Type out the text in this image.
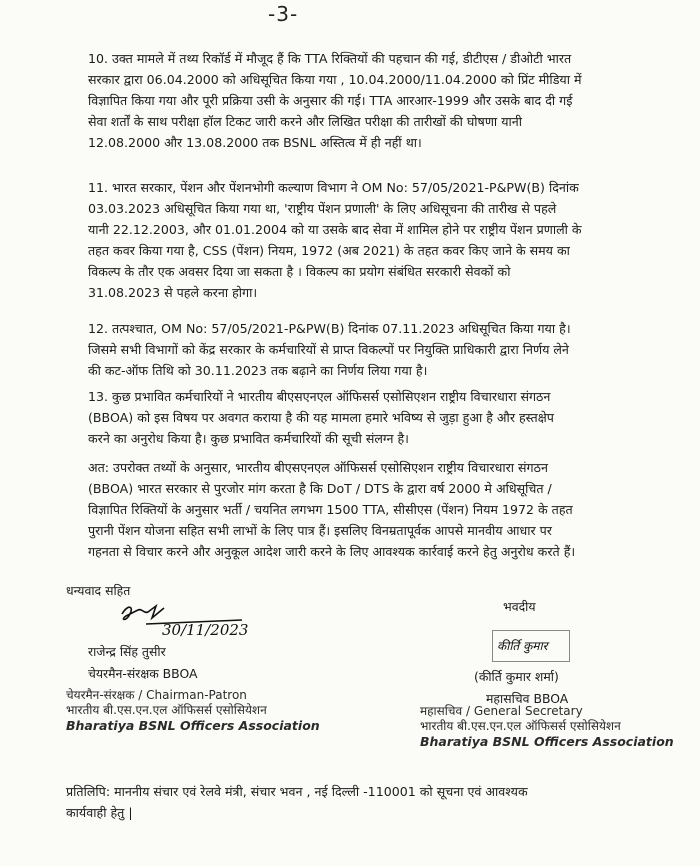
-3-
10. उक्त मामले में तथ्य रिकॉर्ड में मौजूद हैं कि TTA रिक्तियों की पहचान की गई, डीटीएस / डीओटी भारत
सरकार द्वारा 06.04.2000 को अधिसूचित किया गया , 10.04.2000/11.04.2000 को प्रिंट मीडिया में
विज्ञापित किया गया और पूरी प्रक्रिया उसी के अनुसार की गई। TTA आरआर-1999 और उसके बाद दी गई
सेवा शर्तों के साथ परीक्षा हॉल टिकट जारी करने और लिखित परीक्षा की तारीखों की घोषणा यानी
12.08.2000 और 13.08.2000 तक BSNL अस्तित्व में ही नहीं था।
11. भारत सरकार, पेंशन और पेंशनभोगी कल्याण विभाग ने OM No: 57/05/2021-P&PW(B) दिनांक
03.03.2023 अधिसूचित किया गया था, 'राष्ट्रीय पेंशन प्रणाली' के लिए अधिसूचना की तारीख से पहले
यानी 22.12.2003, और 01.01.2004 को या उसके बाद सेवा में शामिल होने पर राष्ट्रीय पेंशन प्रणाली के
तहत कवर किया गया है, CSS (पेंशन) नियम, 1972 (अब 2021) के तहत कवर किए जाने के समय का
विकल्प के तौर एक अवसर दिया जा सकता है । विकल्प का प्रयोग संबंधित सरकारी सेवकों को
31.08.2023 से पहले करना होगा।
12. तत्पश्चात, OM No: 57/05/2021-P&PW(B) दिनांक 07.11.2023 अधिसूचित किया गया है।
जिसमे सभी विभागों को केंद्र सरकार के कर्मचारियों से प्राप्त विकल्पों पर नियुक्ति प्राधिकारी द्वारा निर्णय लेने
की कट-ऑफ तिथि को 30.11.2023 तक बढ़ाने का निर्णय लिया गया है।
13. कुछ प्रभावित कर्मचारियों ने भारतीय बीएसएनएल ऑफिसर्स एसोसिएशन राष्ट्रीय विचारधारा संगठन
(BBOA) को इस विषय पर अवगत कराया है की यह मामला हमारे भविष्य से जुड़ा हुआ है और हस्तक्षेप
करने का अनुरोध किया है। कुछ प्रभावित कर्मचारियों की सूची संलग्न है।
अत: उपरोक्त तथ्यों के अनुसार, भारतीय बीएसएनएल ऑफिसर्स एसोसिएशन राष्ट्रीय विचारधारा संगठन
(BBOA) भारत सरकार से पुरजोर मांग करता है कि DoT / DTS के द्वारा वर्ष 2000 मे अधिसूचित /
विज्ञापित रिक्तियों के अनुसार भर्ती / चयनित लगभग 1500 TTA, सीसीएस (पेंशन) नियम 1972 के तहत
पुरानी पेंशन योजना सहित सभी लाभों के लिए पात्र हैं। इसलिए विनम्रतापूर्वक आपसे मानवीय आधार पर
गहनता से विचार करने और अनुकूल आदेश जारी करने के लिए आवश्यक कार्रवाई करने हेतु अनुरोध करते हैं।
धन्यवाद सहित
भवदीय
30/11/2023
राजेन्द्र सिंह तुसीर
चेयरमैन-संरक्षक BBOA
चेयरमैन-संरक्षक / Chairman-Patron
भारतीय बी.एस.एन.एल ऑफिसर्स एसोसियेशन
Bharatiya BSNL Officers Association
कीर्ति कुमार
(कीर्ति कुमार शर्मा)
महासचिव BBOA
महासचिव / General Secretary
भारतीय बी.एस.एन.एल ऑफिसर्स एसोसियेशन
Bharatiya BSNL Officers Association
प्रतिलिपि: माननीय संचार एवं रेलवे मंत्री, संचार भवन , नई दिल्ली -110001 को सूचना एवं आवश्यक
कार्यवाही हेतु |
